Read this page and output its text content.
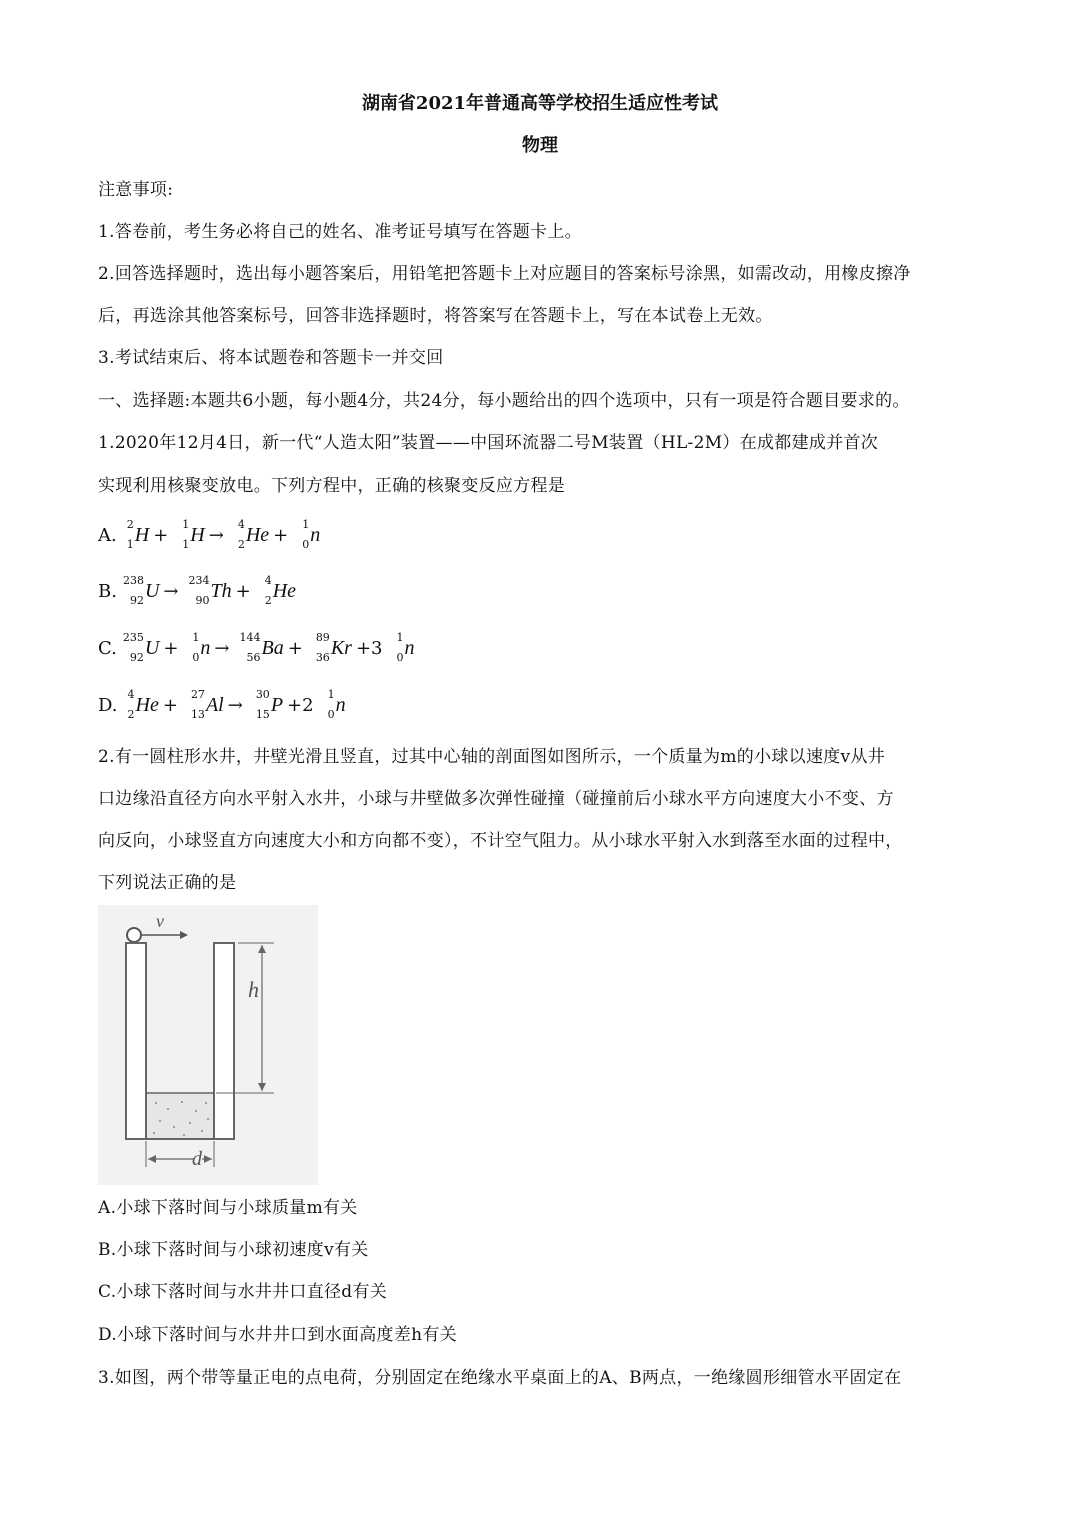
湖南省2021年普通高等学校招生适应性考试
物理
注意事项:
1.答卷前，考生务必将自己的姓名、准考证号填写在答题卡上。
2.回答选择题时，选出每小题答案后，用铅笔把答题卡上对应题目的答案标号涂黑，如需改动，用橡皮擦净
后，再选涂其他答案标号，回答非选择题时，将答案写在答题卡上，写在本试卷上无效。
3.考试结束后、将本试题卷和答题卡一并交回
一、选择题:本题共6小题，每小题4分，共24分，每小题给出的四个选项中，只有一项是符合题目要求的。
1.2020年12月4日，新一代“人造太阳”装置——中国环流器二号M装置（HL-2M）在成都建成并首次
实现利用核聚变放电。下列方程中，正确的核聚变反应方程是
A.
2
1 H +
1
1 H →
4
2 He +
1
0 n
B.
238
92 U →
234
90 Th +
4
2 He
C.
235
92 U +
1
0 n →
144
56 Ba +
89
36 Kr +3
1
0 n
D.
4
2 He +
27
13 Al →
30
15 P +2
1
0 n
2.有一圆柱形水井，井壁光滑且竖直，过其中心轴的剖面图如图所示，一个质量为m的小球以速度v从井
口边缘沿直径方向水平射入水井，小球与井壁做多次弹性碰撞（碰撞前后小球水平方向速度大小不变、方
向反向，小球竖直方向速度大小和方向都不变），不计空气阻力。从小球水平射入水到落至水面的过程中，
下列说法正确的是
v
h
d
A.小球下落时间与小球质量m有关
B.小球下落时间与小球初速度v有关
C.小球下落时间与水井井口直径d有关
D.小球下落时间与水井井口到水面高度差h有关
3.如图，两个带等量正电的点电荷，分别固定在绝缘水平桌面上的A、B两点，一绝缘圆形细管水平固定在
